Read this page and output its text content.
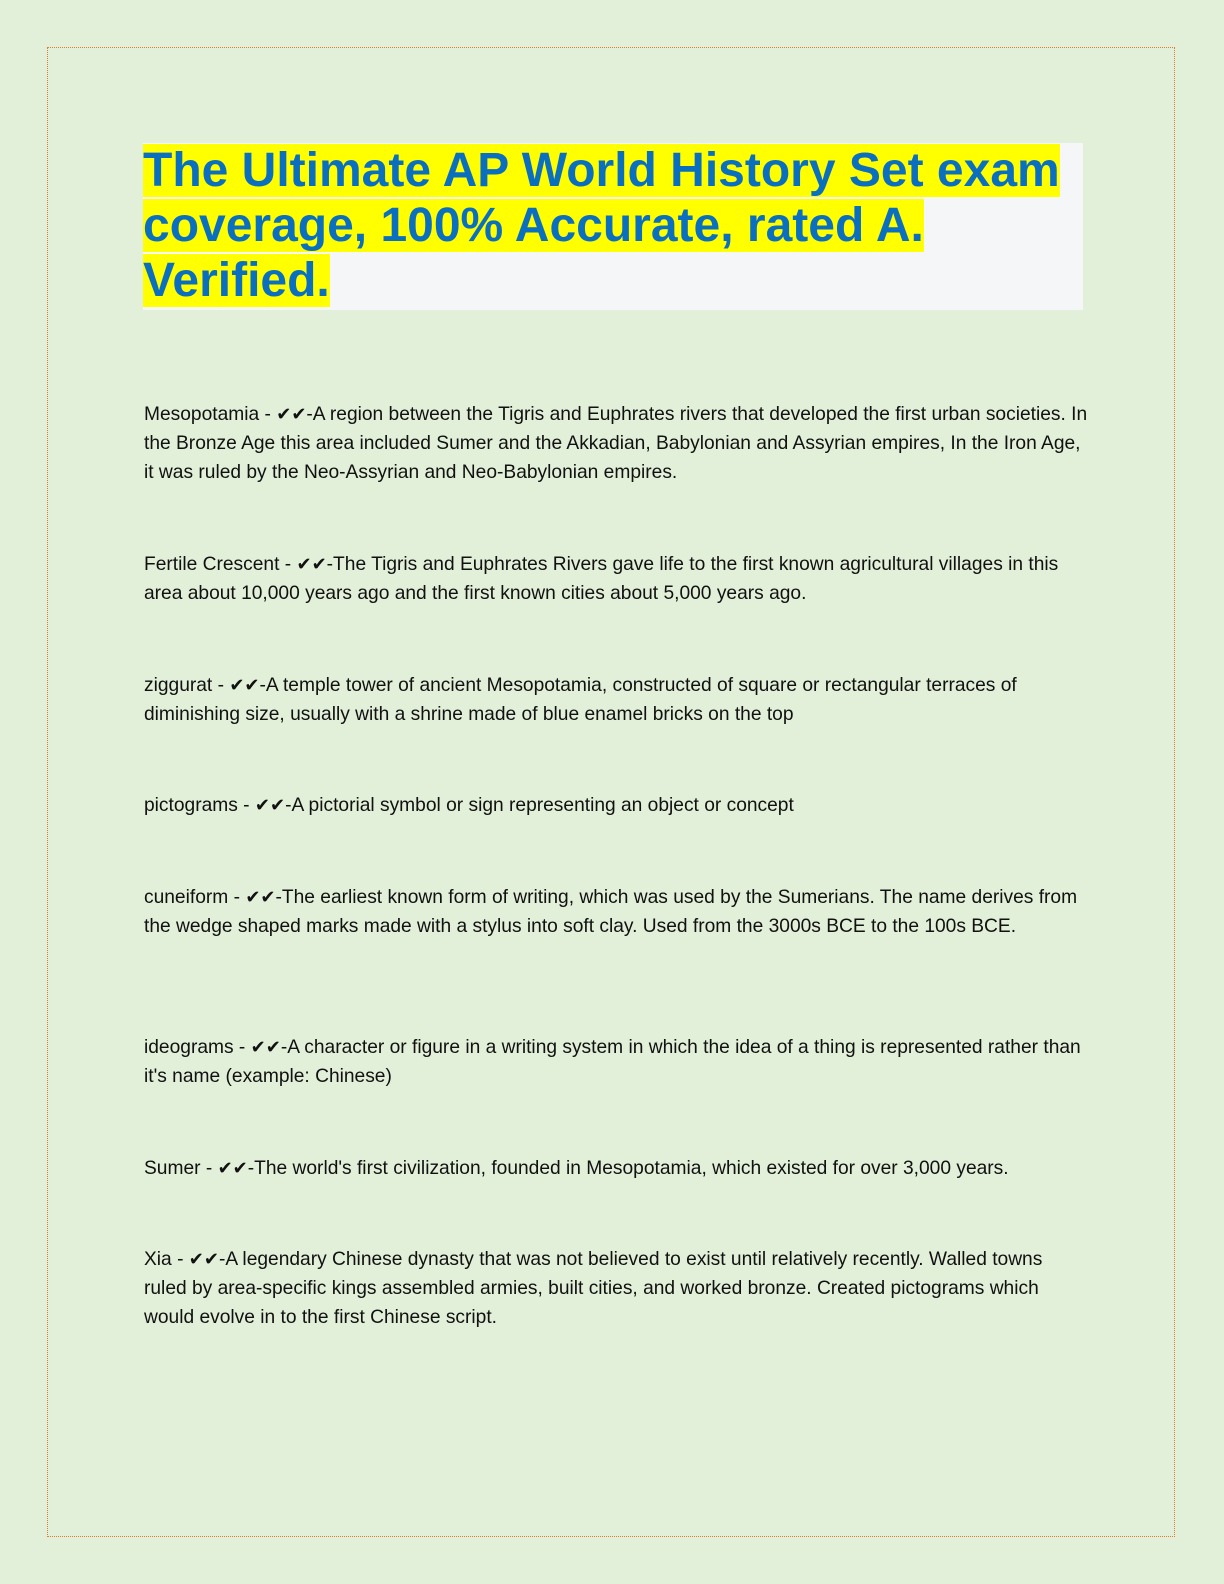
The Ultimate AP World History Set exam coverage, 100% Accurate, rated A. Verified.

Mesopotamia - ✔✔-A region between the Tigris and Euphrates rivers that developed the first urban societies. In the Bronze Age this area included Sumer and the Akkadian, Babylonian and Assyrian empires, In the Iron Age, it was ruled by the Neo-Assyrian and Neo-Babylonian empires.

Fertile Crescent - ✔✔-The Tigris and Euphrates Rivers gave life to the first known agricultural villages in this area about 10,000 years ago and the first known cities about 5,000 years ago.

ziggurat - ✔✔-A temple tower of ancient Mesopotamia, constructed of square or rectangular terraces of diminishing size, usually with a shrine made of blue enamel bricks on the top

pictograms - ✔✔-A pictorial symbol or sign representing an object or concept

cuneiform - ✔✔-The earliest known form of writing, which was used by the Sumerians. The name derives from the wedge shaped marks made with a stylus into soft clay. Used from the 3000s BCE to the 100s BCE.

ideograms - ✔✔-A character or figure in a writing system in which the idea of a thing is represented rather than it's name (example: Chinese)

Sumer - ✔✔-The world's first civilization, founded in Mesopotamia, which existed for over 3,000 years.

Xia - ✔✔-A legendary Chinese dynasty that was not believed to exist until relatively recently. Walled towns ruled by area-specific kings assembled armies, built cities, and worked bronze. Created pictograms which would evolve in to the first Chinese script.
